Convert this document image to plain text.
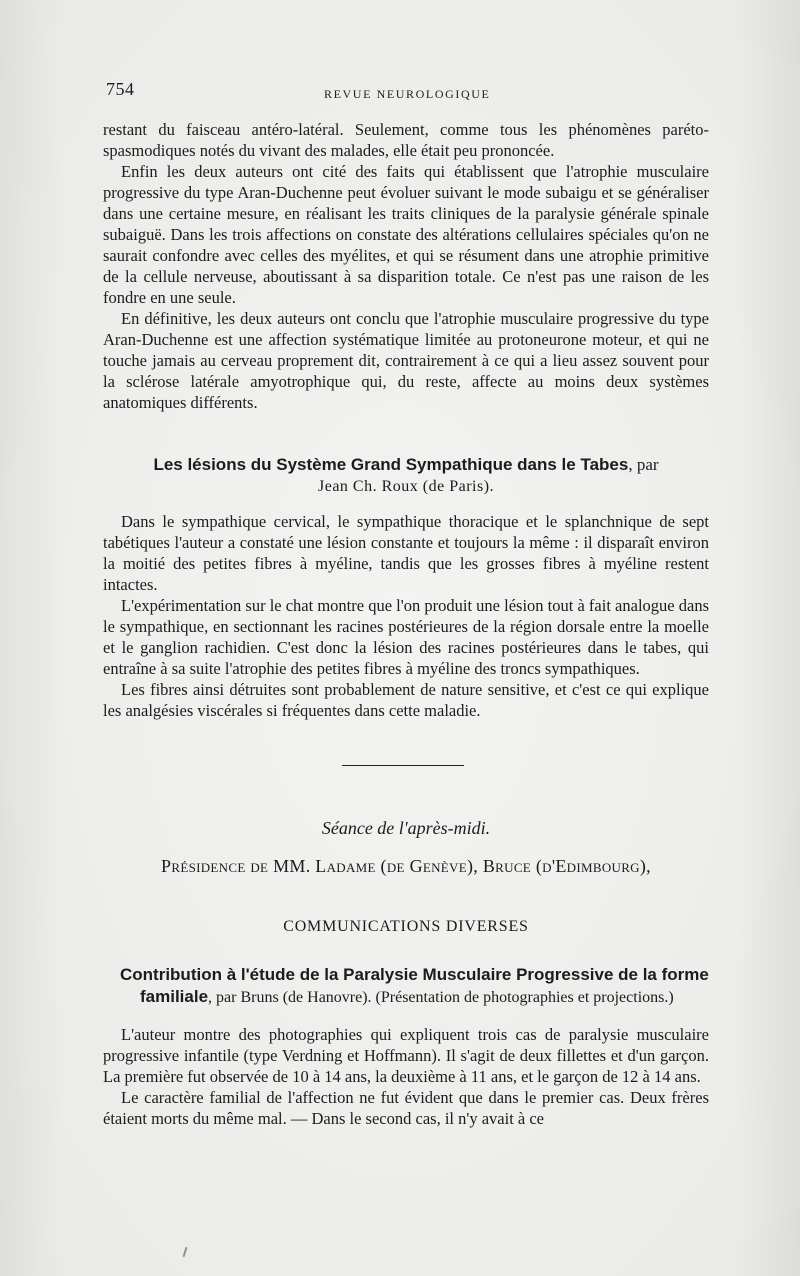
754	REVUE NEUROLOGIQUE

restant du faisceau antéro-latéral. Seulement, comme tous les phénomènes paréto-spasmodiques notés du vivant des malades, elle était peu prononcée.

Enfin les deux auteurs ont cité des faits qui établissent que l'atrophie musculaire progressive du type Aran-Duchenne peut évoluer suivant le mode subaigu et se généraliser dans une certaine mesure, en réalisant les traits cliniques de la paralysie générale spinale subaiguë. Dans les trois affections on constate des altérations cellulaires spéciales qu'on ne saurait confondre avec celles des myélites, et qui se résument dans une atrophie primitive de la cellule nerveuse, aboutissant à sa disparition totale. Ce n'est pas une raison de les fondre en une seule.

En définitive, les deux auteurs ont conclu que l'atrophie musculaire progressive du type Aran-Duchenne est une affection systématique limitée au protoneurone moteur, et qui ne touche jamais au cerveau proprement dit, contrairement à ce qui a lieu assez souvent pour la sclérose latérale amyotrophique qui, du reste, affecte au moins deux systèmes anatomiques différents.

Les lésions du Système Grand Sympathique dans le Tabes, par
Jean Ch. Roux (de Paris).

Dans le sympathique cervical, le sympathique thoracique et le splanchnique de sept tabétiques l'auteur a constaté une lésion constante et toujours la même : il disparaît environ la moitié des petites fibres à myéline, tandis que les grosses fibres à myéline restent intactes.

L'expérimentation sur le chat montre que l'on produit une lésion tout à fait analogue dans le sympathique, en sectionnant les racines postérieures de la région dorsale entre la moelle et le ganglion rachidien. C'est donc la lésion des racines postérieures dans le tabes, qui entraîne à sa suite l'atrophie des petites fibres à myéline des troncs sympathiques.

Les fibres ainsi détruites sont probablement de nature sensitive, et c'est ce qui explique les analgésies viscérales si fréquentes dans cette maladie.

Séance de l'après-midi.
Présidence de MM. Ladame (de Genève), Bruce (d'Edimbourg),
COMMUNICATIONS DIVERSES
Contribution à l'étude de la Paralysie Musculaire Progressive de la forme familiale, par Bruns (de Hanovre). (Présentation de photographies et projections.)

L'auteur montre des photographies qui expliquent trois cas de paralysie musculaire progressive infantile (type Verdning et Hoffmann). Il s'agit de deux fillettes et d'un garçon. La première fut observée de 10 à 14 ans, la deuxième à 11 ans, et le garçon de 12 à 14 ans.

Le caractère familial de l'affection ne fut évident que dans le premier cas. Deux frères étaient morts du même mal. — Dans le second cas, il n'y avait à ce
